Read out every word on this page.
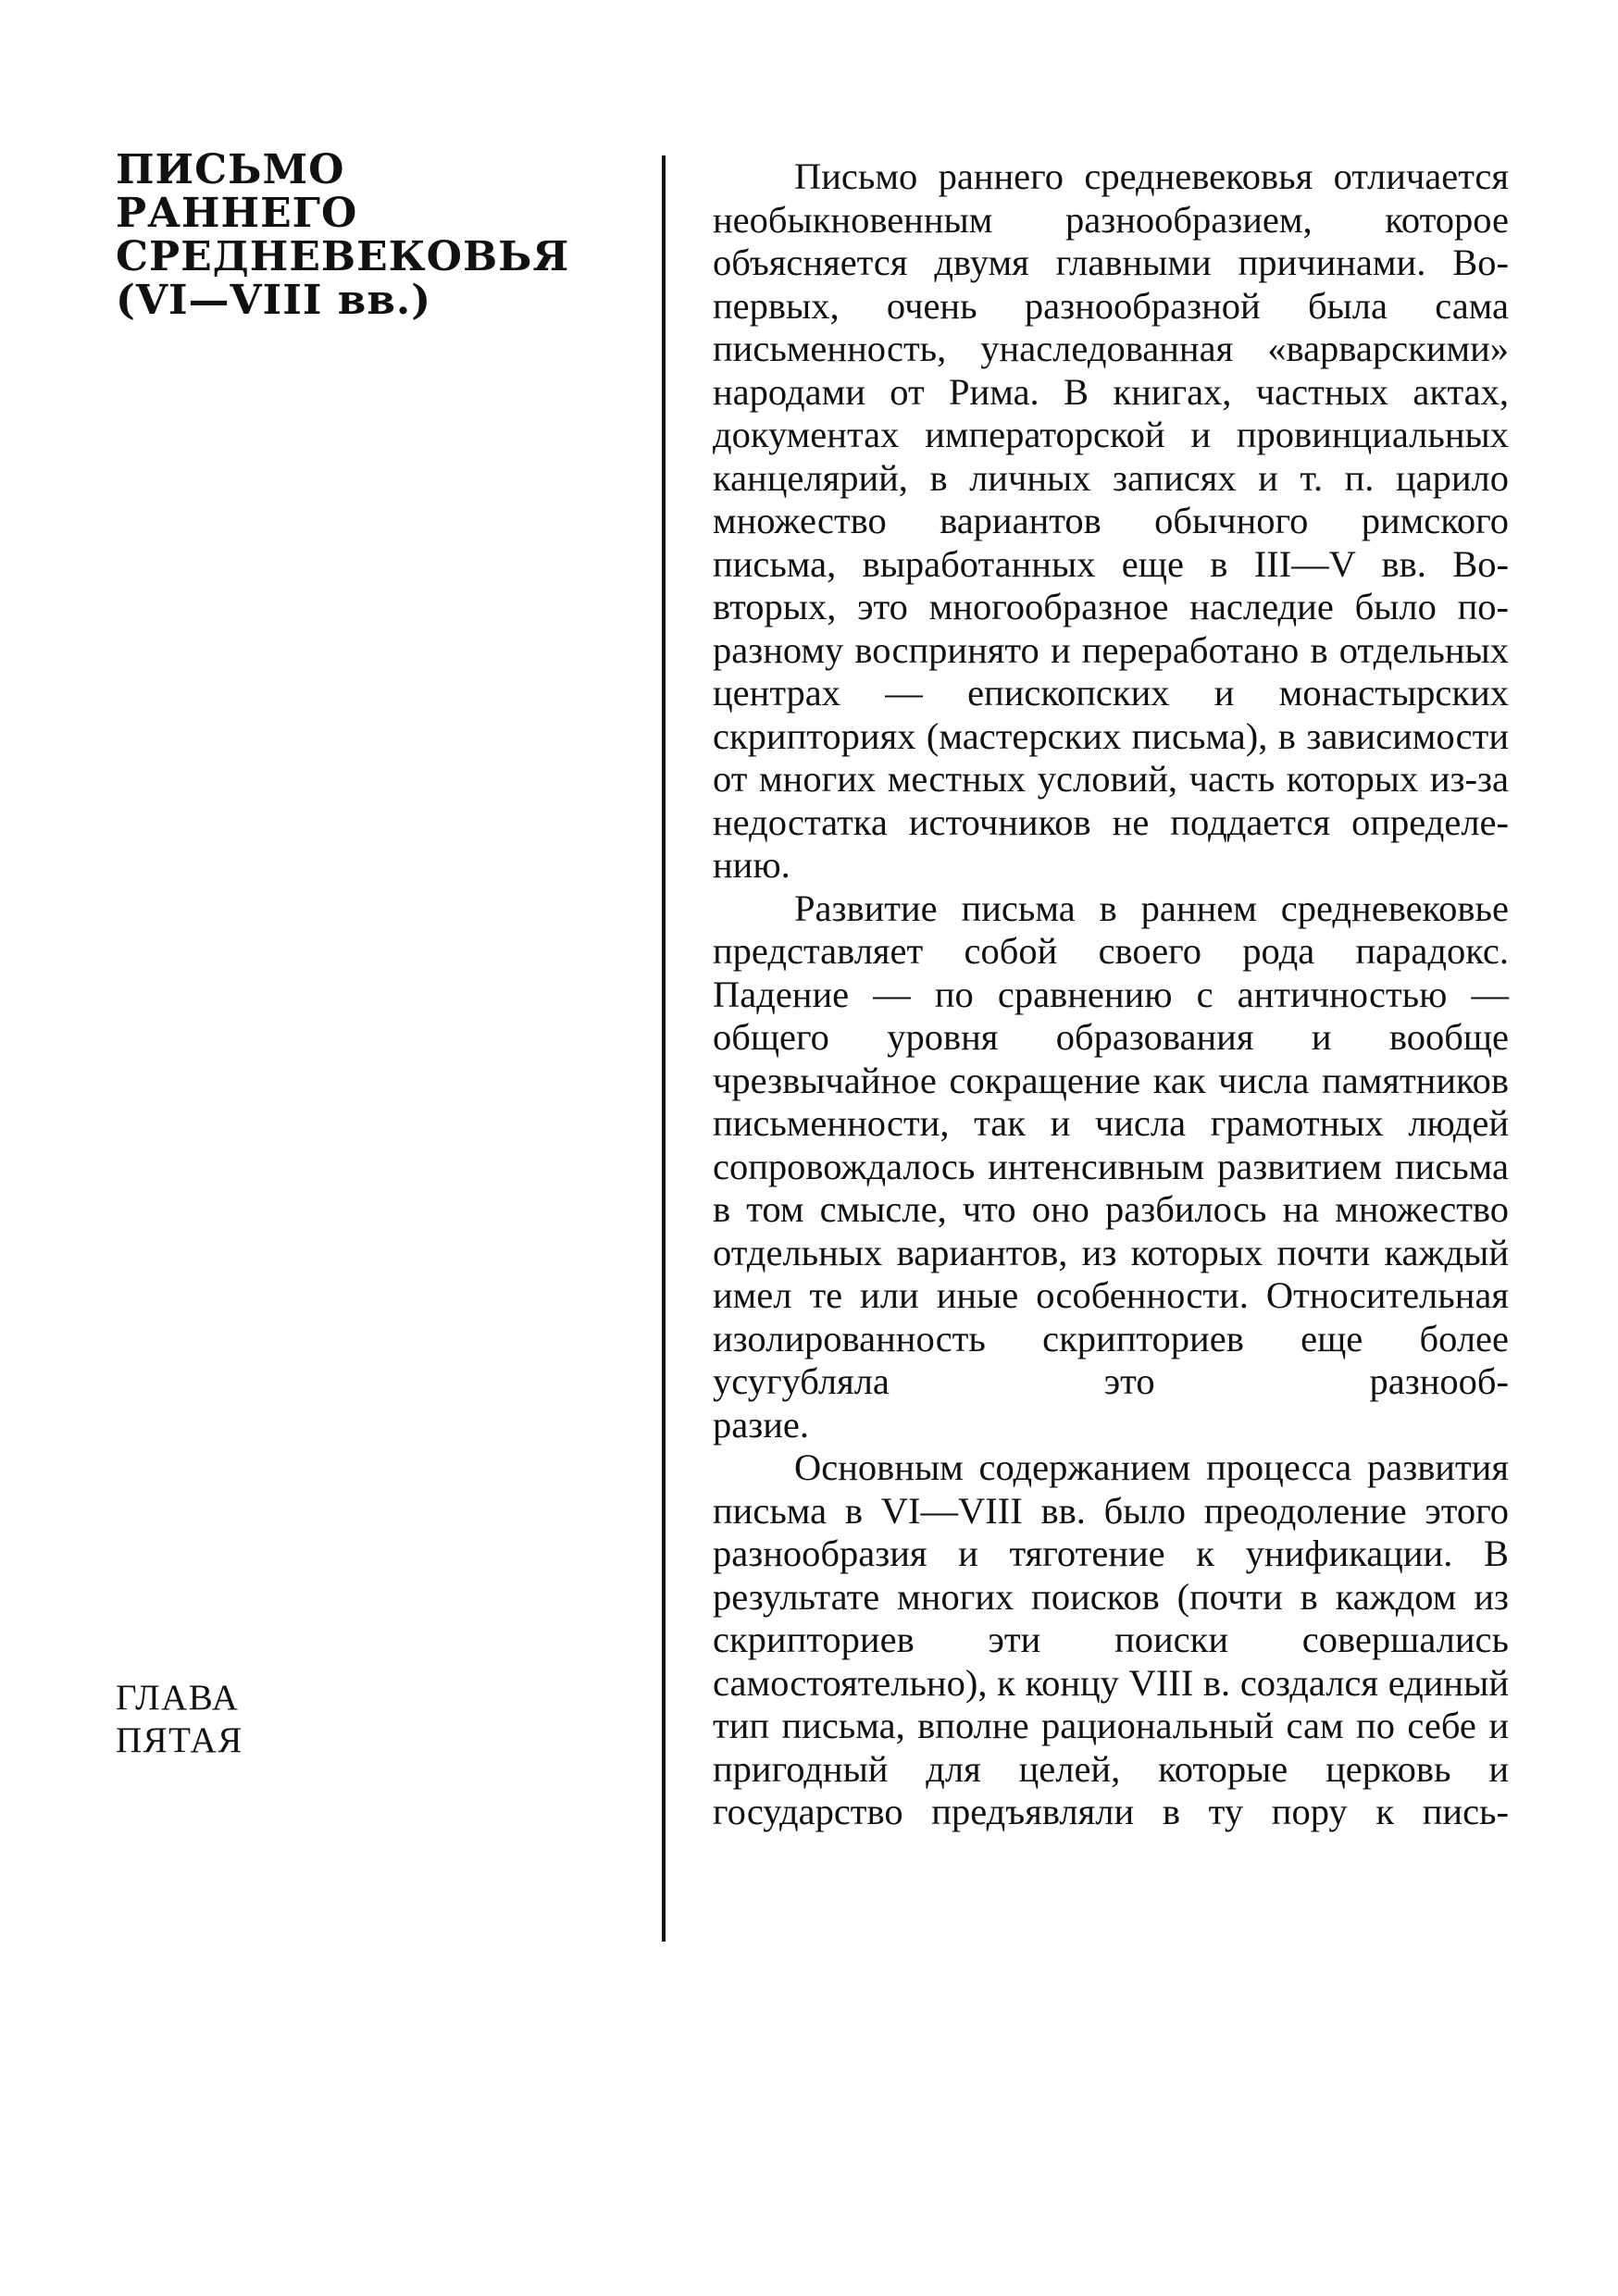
ПИСЬМО
РАННЕГО
СРЕДНЕВЕКОВЬЯ
(VI—VIII вв.)
ГЛАВА
ПЯТАЯ

Письмо раннего средневековья отличается необыкновенным разнообразием, которое объясняется двумя главными причинами. Во-первых, очень разнообразной была сама письменность, унаследованная «варварскими» народами от Рима. В книгах, частных актах, документах императорской и провинциальных канцелярий, в личных записях и т. п. царило множество вариантов обычного римского письма, выработанных еще в III—V вв. Во-вторых, это многообразное наследие было по-разному воспринято и переработано в отдельных центрах — епископских и монастырских скрипториях (мастерских письма), в зависимости от многих местных условий, часть которых из-за недостатка источников не поддается определе-
нию.

Развитие письма в раннем средневековье представляет собой своего рода парадокс. Падение — по сравнению с античностью — общего уровня образования и вообще чрезвычайное сокращение как числа памятников письменности, так и числа грамотных людей сопровождалось интенсивным развитием письма в том смысле, что оно разбилось на множество отдельных вариантов, из которых почти каждый имел те или иные особенности. Относительная изолированность скрипториев еще более усугубляла это разнооб-
разие.

Основным содержанием процесса развития письма в VI—VIII вв. было преодоление этого разнообразия и тяготение к унификации. В результате многих поисков (почти в каждом из скрипториев эти поиски совершались самостоятельно), к концу VIII в. создался единый тип письма, вполне рациональный сам по себе и пригодный для целей, которые церковь и государство предъявляли в ту пору к пись-
